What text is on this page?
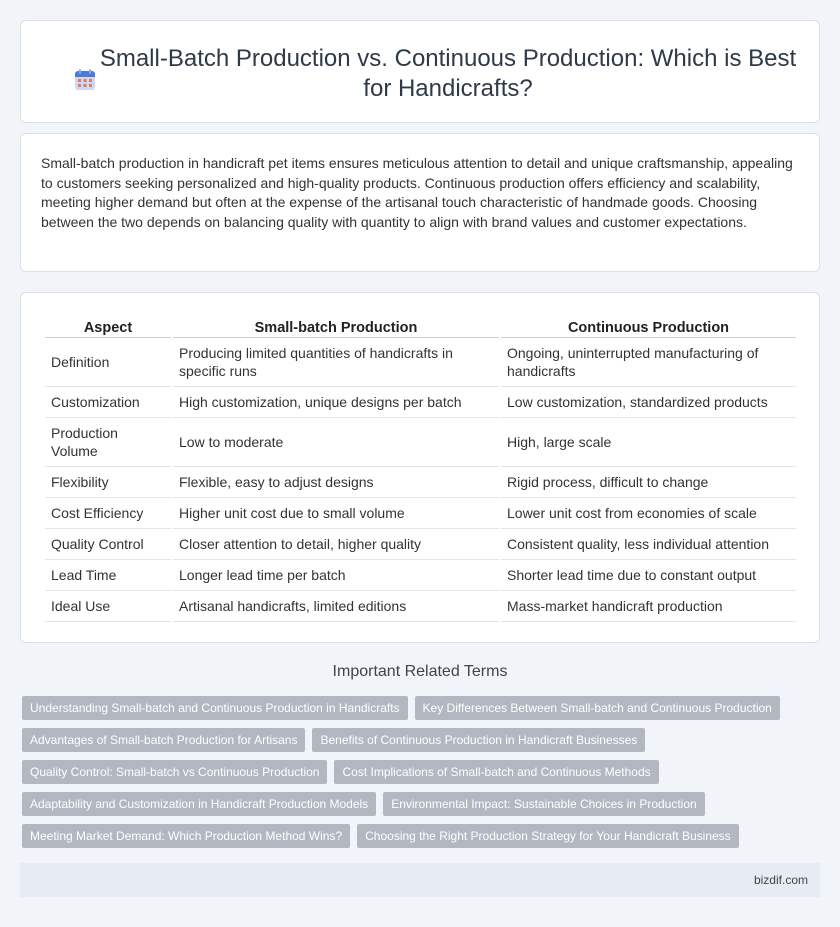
Small-Batch Production vs. Continuous Production: Which is Best for Handicrafts?

Small-batch production in handicraft pet items ensures meticulous attention to detail and unique craftsmanship, appealing to customers seeking personalized and high-quality products. Continuous production offers efficiency and scalability, meeting higher demand but often at the expense of the artisanal touch characteristic of handmade goods. Choosing between the two depends on balancing quality with quantity to align with brand values and customer expectations.

Aspect	Small-batch Production	Continuous Production
Definition	Producing limited quantities of handicrafts in specific runs	Ongoing, uninterrupted manufacturing of handicrafts
Customization	High customization, unique designs per batch	Low customization, standardized products
Production Volume	Low to moderate	High, large scale
Flexibility	Flexible, easy to adjust designs	Rigid process, difficult to change
Cost Efficiency	Higher unit cost due to small volume	Lower unit cost from economies of scale
Quality Control	Closer attention to detail, higher quality	Consistent quality, less individual attention
Lead Time	Longer lead time per batch	Shorter lead time due to constant output
Ideal Use	Artisanal handicrafts, limited editions	Mass-market handicraft production
Important Related Terms
Understanding Small-batch and Continuous Production in Handicrafts	Key Differences Between Small-batch and Continuous Production
Advantages of Small-batch Production for Artisans	Benefits of Continuous Production in Handicraft Businesses
Quality Control: Small-batch vs Continuous Production	Cost Implications of Small-batch and Continuous Methods
Adaptability and Customization in Handicraft Production Models	Environmental Impact: Sustainable Choices in Production
Meeting Market Demand: Which Production Method Wins?	Choosing the Right Production Strategy for Your Handicraft Business
bizdif.com
